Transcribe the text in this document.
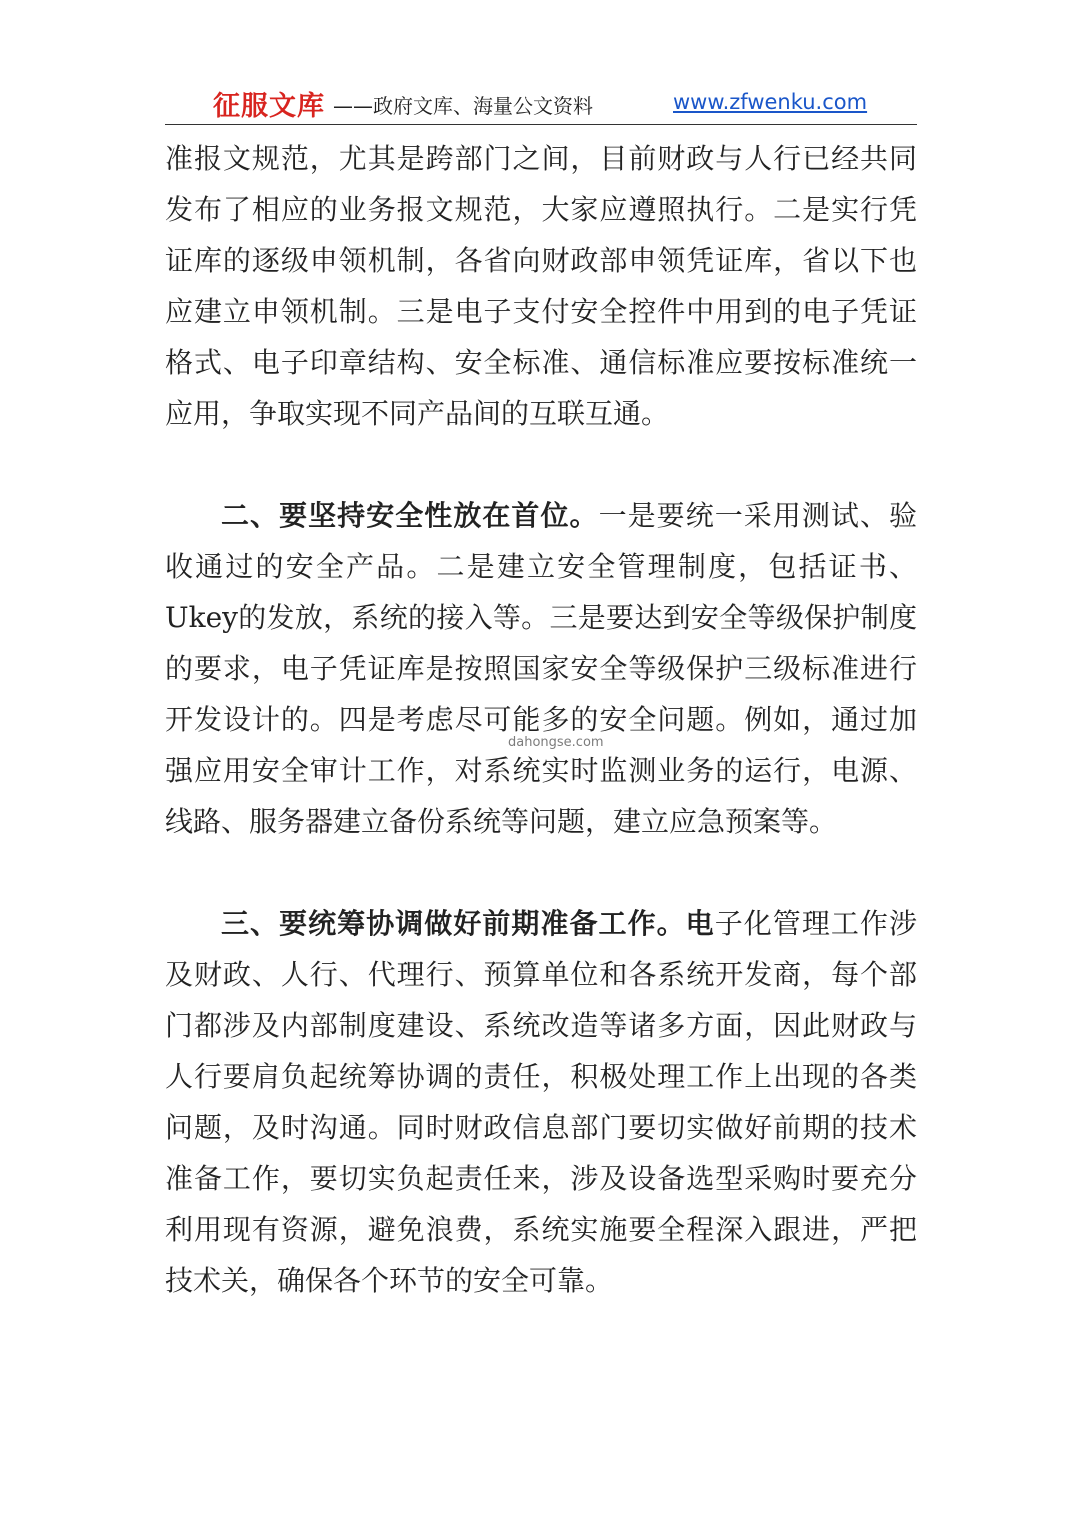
征服文库 ——政府文库、海量公文资料	www.zfwenku.com

准报文规范，尤其是跨部门之间，目前财政与人行已经共同发布了相应的业务报文规范，大家应遵照执行。二是实行凭证库的逐级申领机制，各省向财政部申领凭证库，省以下也应建立申领机制。三是电子支付安全控件中用到的电子凭证格式、电子印章结构、安全标准、通信标准应要按标准统一应用，争取实现不同产品间的互联互通。

二、要坚持安全性放在首位。一是要统一采用测试、验收通过的安全产品。二是建立安全管理制度，包括证书、Ukey的发放，系统的接入等。三是要达到安全等级保护制度的要求，电子凭证库是按照国家安全等级保护三级标准进行开发设计的。四是考虑尽可能多的安全问题。例如，通过加强应用安全审计工作，对系统实时监测业务的运行，电源、线路、服务器建立备份系统等问题，建立应急预案等。

三、要统筹协调做好前期准备工作。电子化管理工作涉及财政、人行、代理行、预算单位和各系统开发商，每个部门都涉及内部制度建设、系统改造等诸多方面，因此财政与人行要肩负起统筹协调的责任，积极处理工作上出现的各类问题，及时沟通。同时财政信息部门要切实做好前期的技术准备工作，要切实负起责任来，涉及设备选型采购时要充分利用现有资源，避免浪费，系统实施要全程深入跟进，严把技术关，确保各个环节的安全可靠。

dahongse.com
